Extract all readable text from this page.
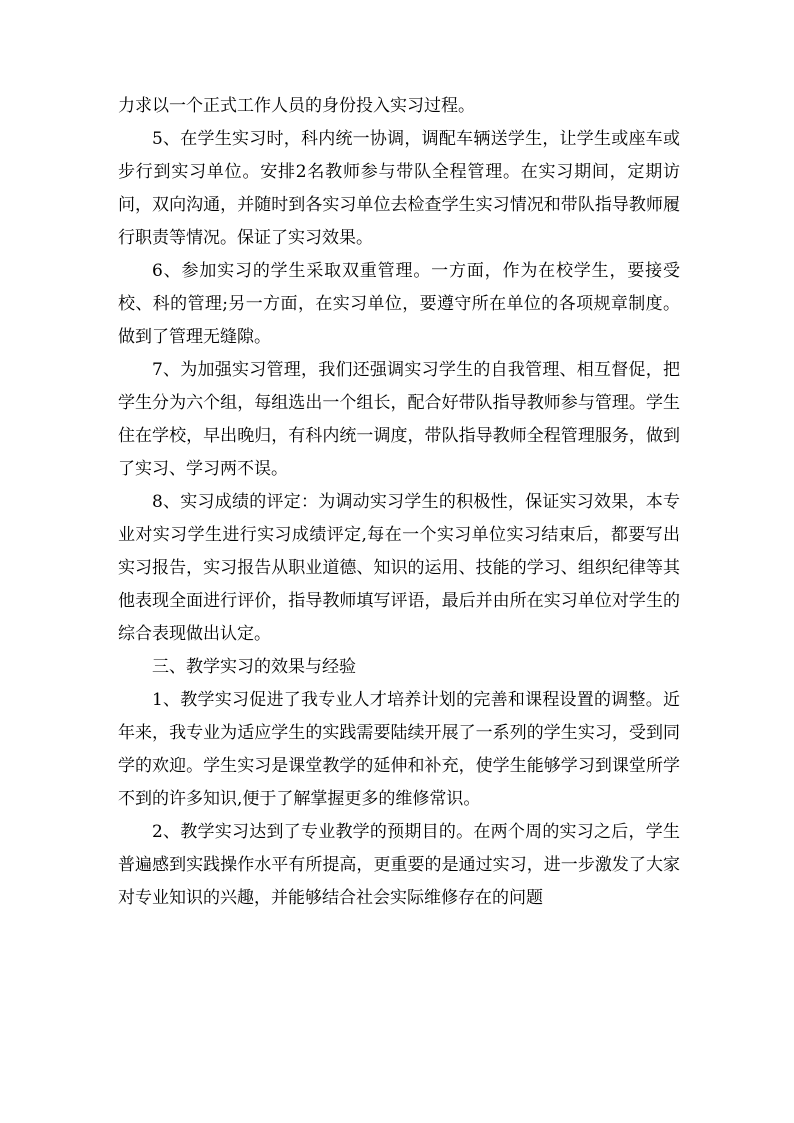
力求以一个正式工作人员的身份投入实习过程。

5、在学生实习时，科内统一协调，调配车辆送学生，让学生或座车或步行到实习单位。安排2名教师参与带队全程管理。在实习期间，定期访问，双向沟通，并随时到各实习单位去检查学生实习情况和带队指导教师履行职责等情况。保证了实习效果。

6、参加实习的学生采取双重管理。一方面，作为在校学生，要接受校、科的管理;另一方面，在实习单位，要遵守所在单位的各项规章制度。做到了管理无缝隙。

7、为加强实习管理，我们还强调实习学生的自我管理、相互督促，把学生分为六个组，每组选出一个组长，配合好带队指导教师参与管理。学生住在学校，早出晚归，有科内统一调度，带队指导教师全程管理服务，做到了实习、学习两不误。

8、实习成绩的评定：为调动实习学生的积极性，保证实习效果，本专业对实习学生进行实习成绩评定,每在一个实习单位实习结束后，都要写出实习报告，实习报告从职业道德、知识的运用、技能的学习、组织纪律等其他表现全面进行评价，指导教师填写评语，最后并由所在实习单位对学生的综合表现做出认定。

三、教学实习的效果与经验

1、教学实习促进了我专业人才培养计划的完善和课程设置的调整。近年来，我专业为适应学生的实践需要陆续开展了一系列的学生实习，受到同学的欢迎。学生实习是课堂教学的延伸和补充，使学生能够学习到课堂所学不到的许多知识,便于了解掌握更多的维修常识。

2、教学实习达到了专业教学的预期目的。在两个周的实习之后，学生普遍感到实践操作水平有所提高，更重要的是通过实习，进一步激发了大家对专业知识的兴趣，并能够结合社会实际维修存在的问题
